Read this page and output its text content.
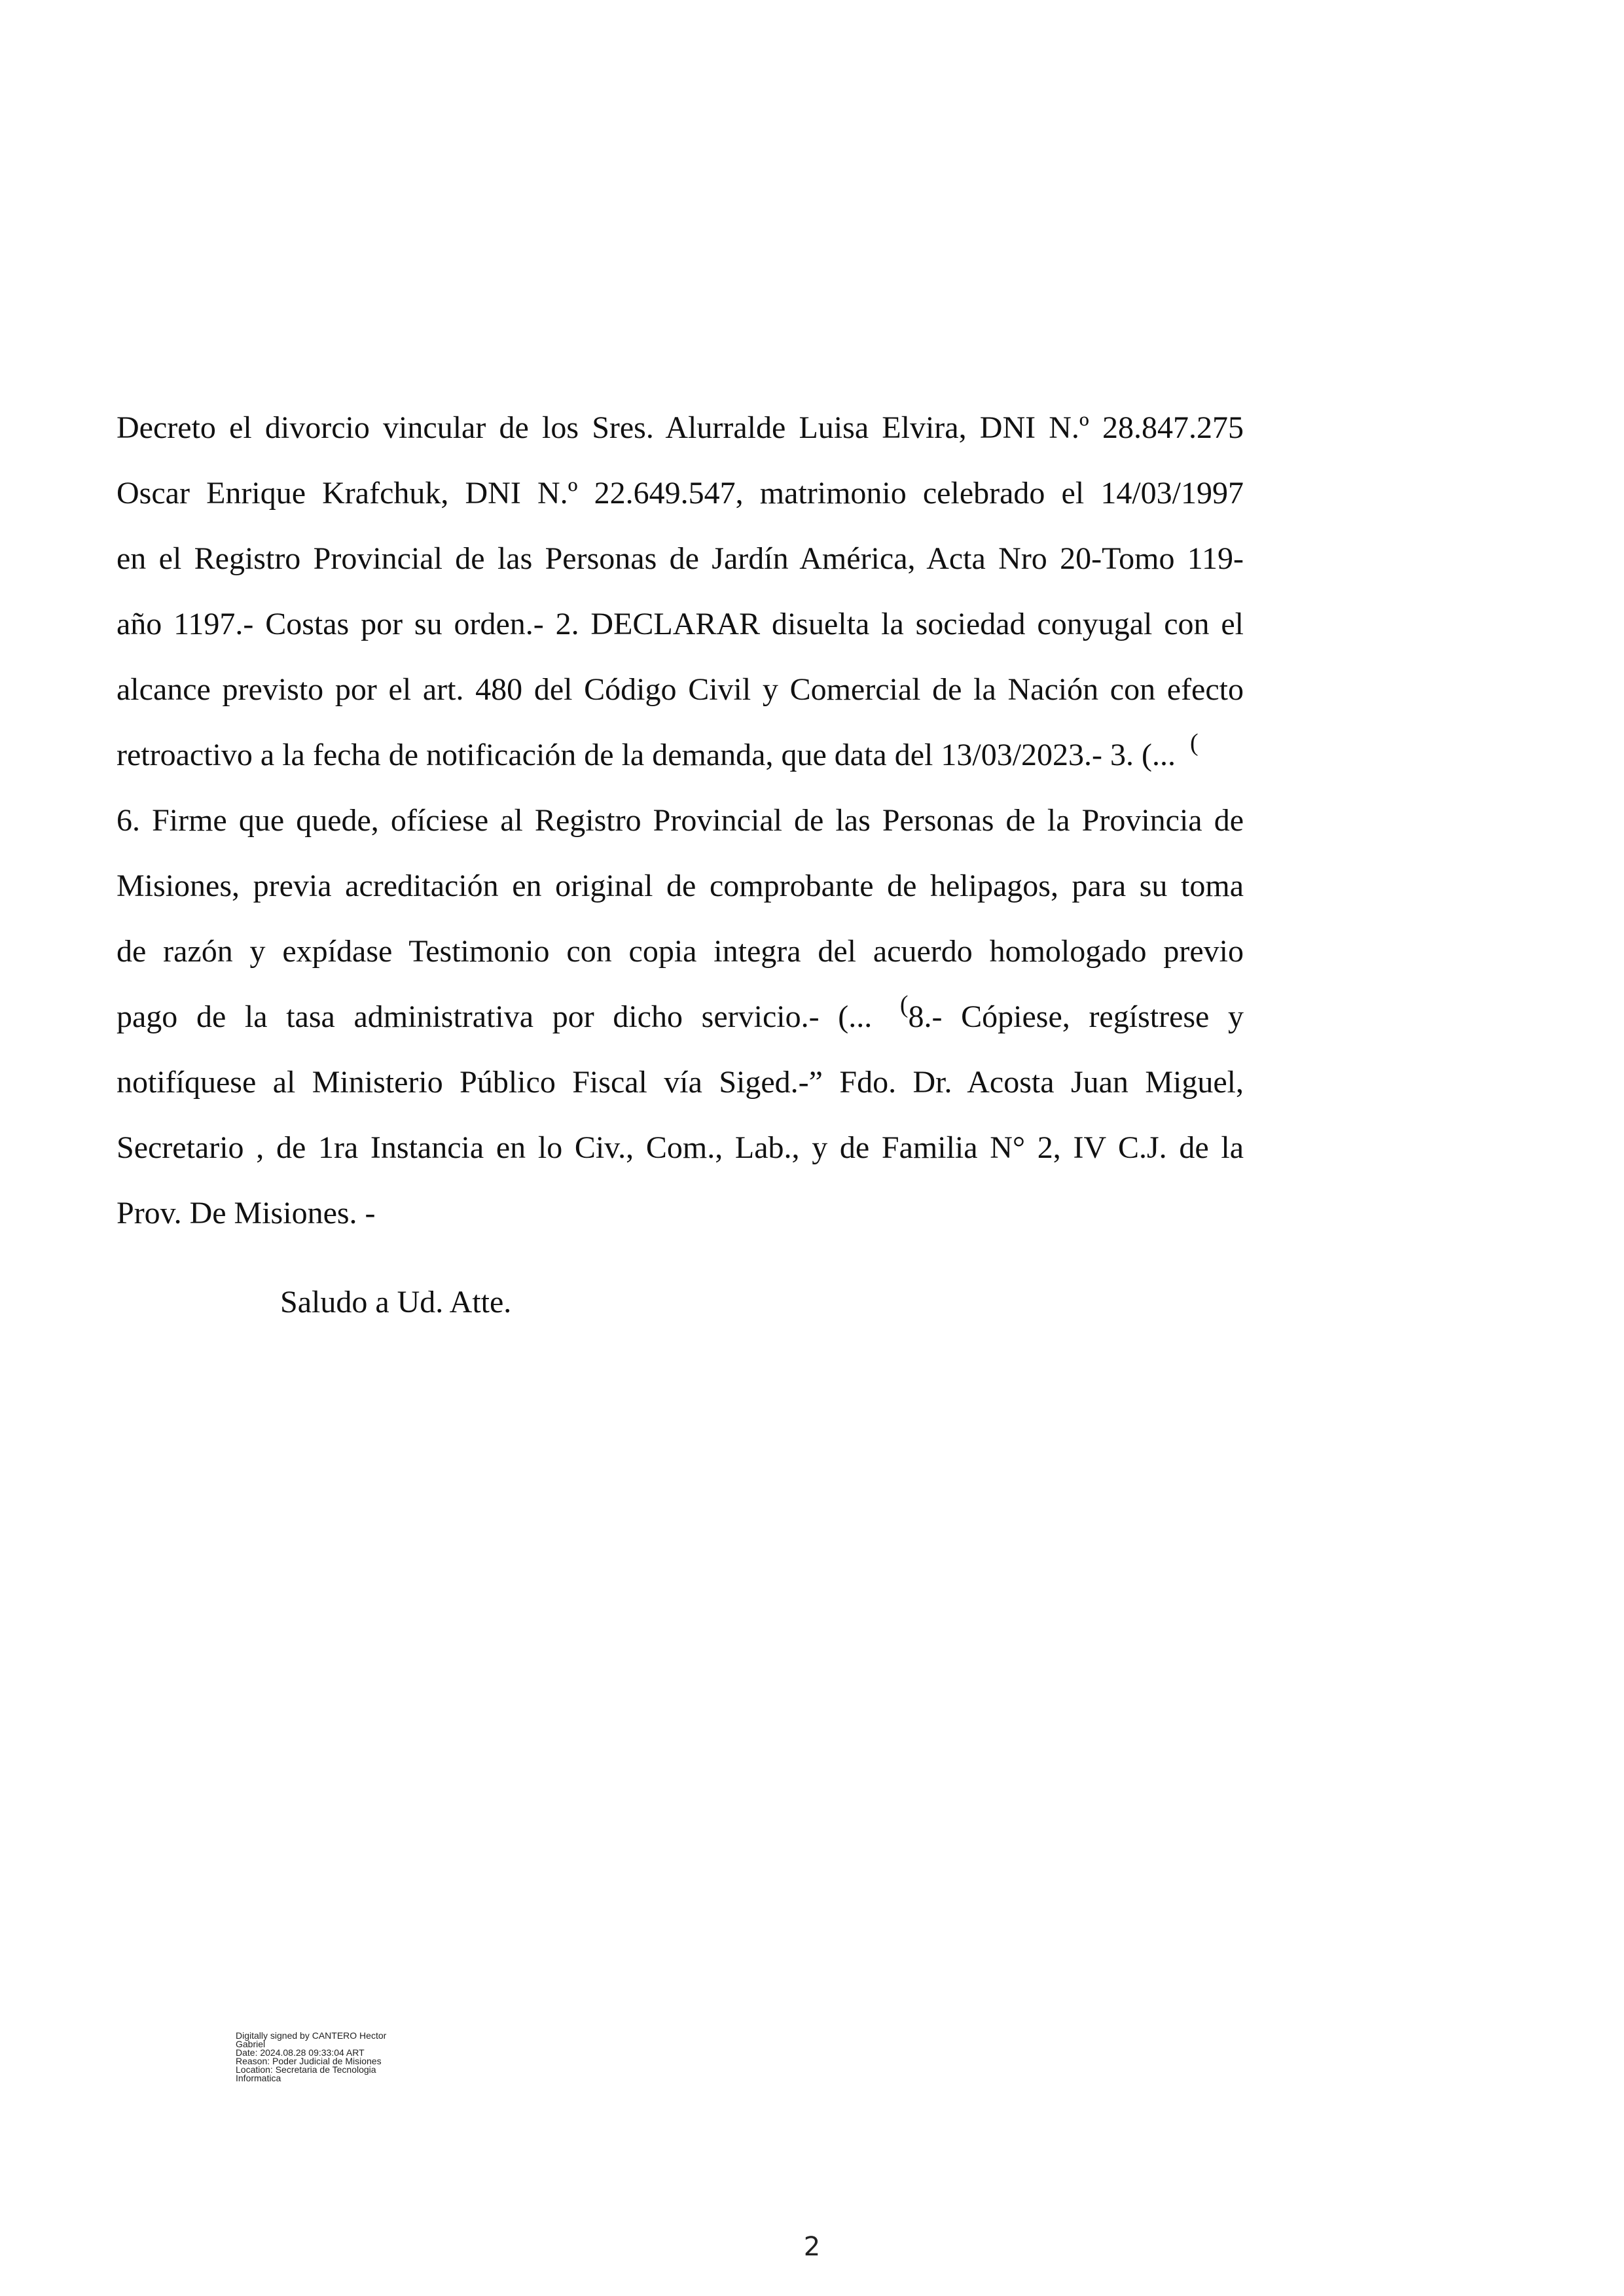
Decreto el divorcio vincular de los Sres. Alurralde Luisa Elvira, DNI N.º 28.847.275
Oscar Enrique Krafchuk, DNI N.º 22.649.547, matrimonio celebrado el 14/03/1997
en el Registro Provincial de las Personas de Jardín América, Acta Nro 20-Tomo 119-
año 1197.- Costas por su orden.- 2. DECLARAR disuelta la sociedad conyugal con el
alcance previsto por el art. 480 del Código Civil y Comercial de la Nación con efecto
retroactivo a la fecha de notificación de la demanda, que data del 13/03/2023.- 3. (... (
6. Firme que quede, ofíciese al Registro Provincial de las Personas de la Provincia de
Misiones, previa acreditación en original de comprobante de helipagos, para su toma
de razón y expídase Testimonio con copia integra del acuerdo homologado previo
pago de la tasa administrativa por dicho servicio.- (... (8.- Cópiese, regístrese y
notifíquese al Ministerio Público Fiscal vía Siged.-” Fdo. Dr. Acosta Juan Miguel,
Secretario , de 1ra Instancia en lo Civ., Com., Lab., y de Familia N° 2, IV C.J. de la
Prov. De Misiones. -
Saludo a Ud. Atte.
Digitally signed by CANTERO Hector
Gabriel
Date: 2024.08.28 09:33:04 ART
Reason: Poder Judicial de Misiones
Location: Secretaria de Tecnologia
Informatica
2
